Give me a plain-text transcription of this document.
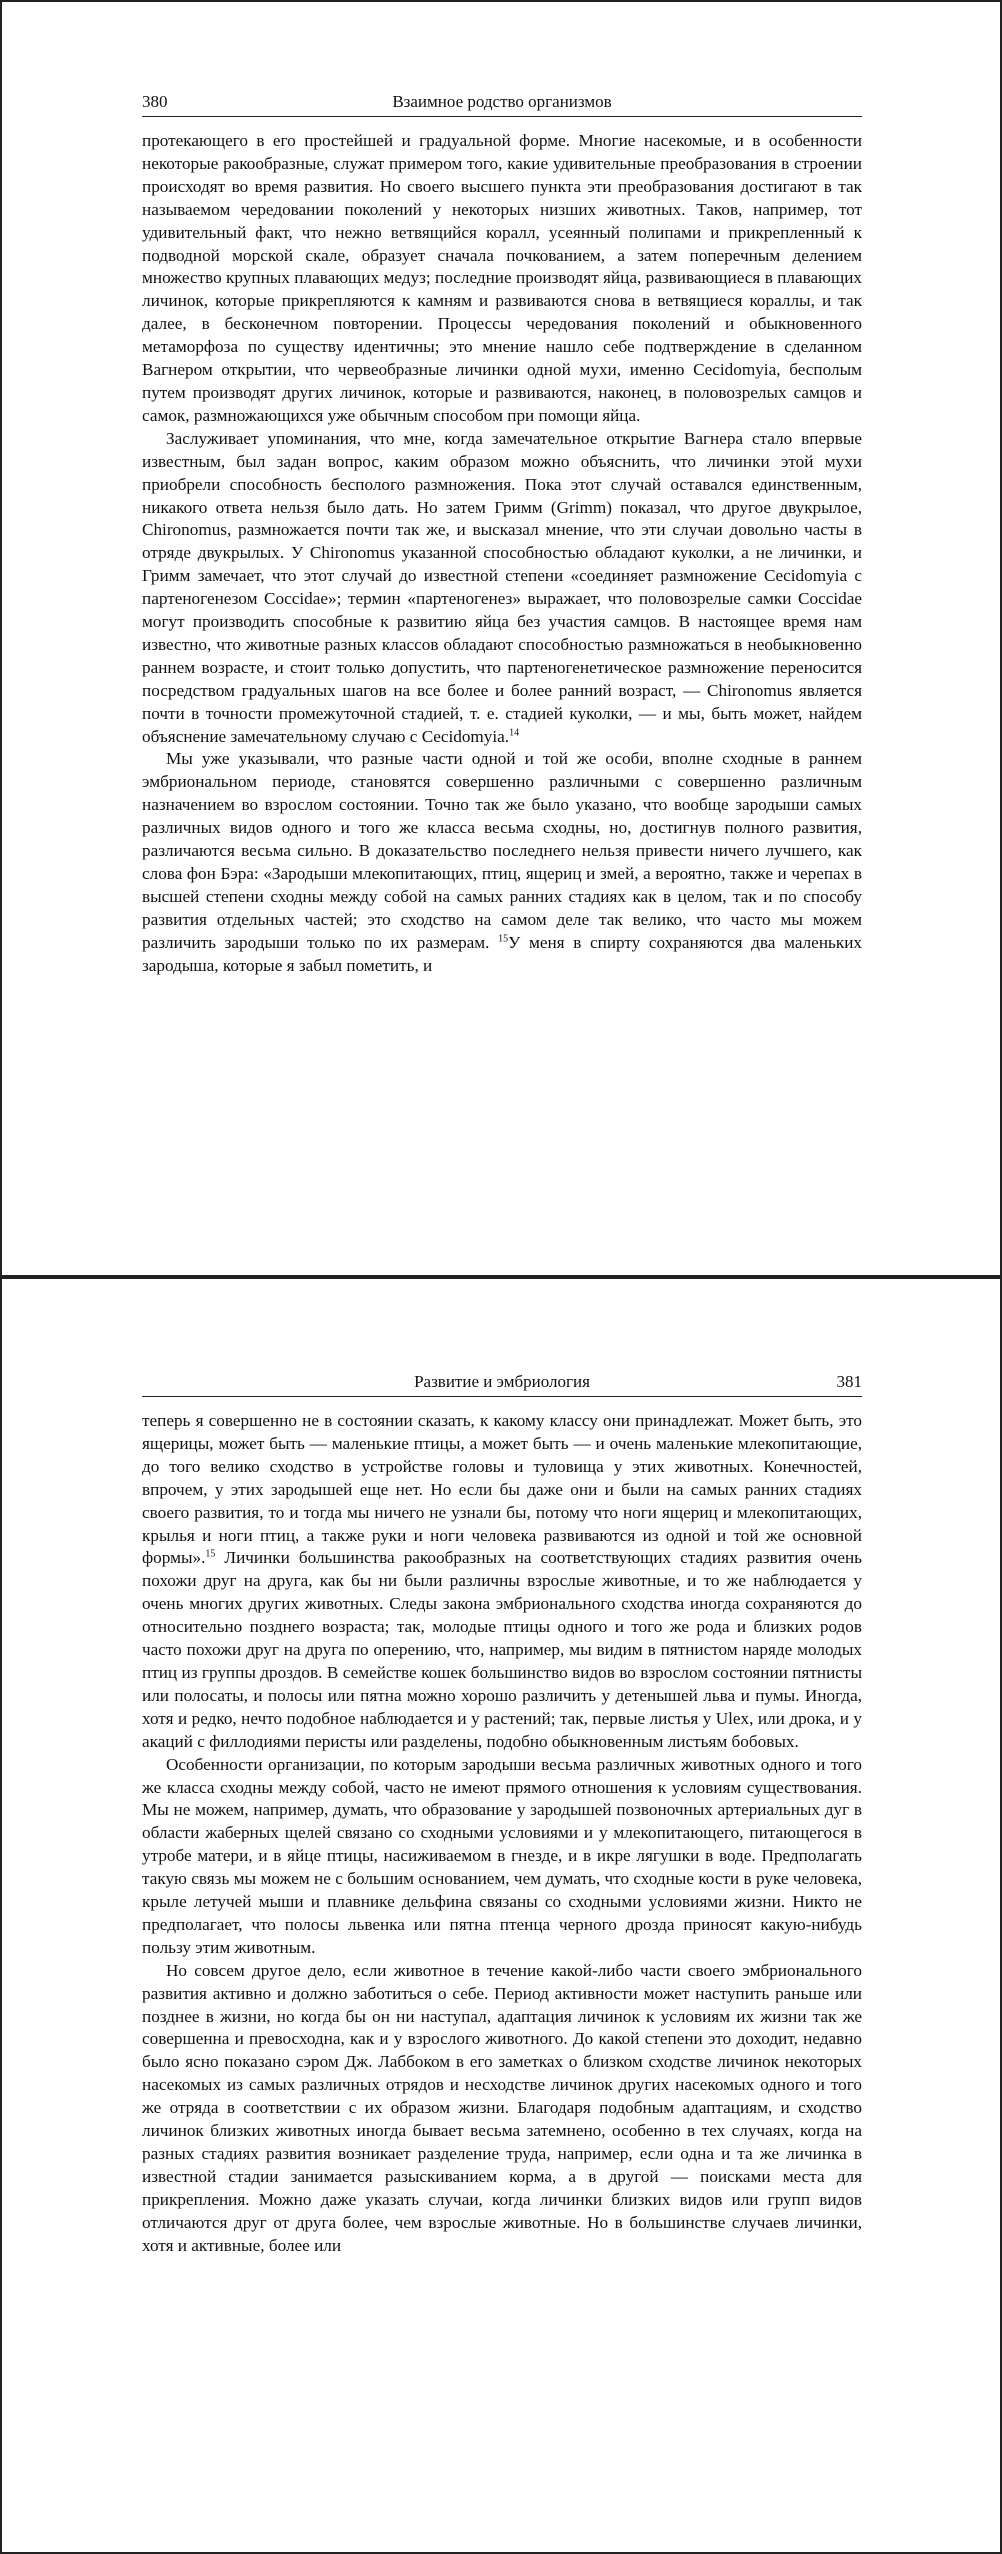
380	Взаимное родство организмов

протекающего в его простейшей и градуальной форме. Многие насекомые, и в особенности некоторые ракообразные, служат примером того, какие удивительные преобразования в строении происходят во время развития. Но своего высшего пункта эти преобразования достигают в так называемом чередовании поколений у некоторых низших животных. Таков, например, тот удивительный факт, что нежно ветвящийся коралл, усеянный полипами и прикрепленный к подводной морской скале, образует сначала почкованием, а затем поперечным делением множество крупных плавающих медуз; последние производят яйца, развивающиеся в плавающих личинок, которые прикрепляются к камням и развиваются снова в ветвящиеся кораллы, и так далее, в бесконечном повторении. Процессы чередования поколений и обыкновенного метаморфоза по существу идентичны; это мнение нашло себе подтверждение в сделанном Вагнером открытии, что червеобразные личинки одной мухи, именно Cecidomyia, бесполым путем производят других личинок, которые и развиваются, наконец, в половозрелых самцов и самок, размножающихся уже обычным способом при помощи яйца.

Заслуживает упоминания, что мне, когда замечательное открытие Вагнера стало впервые известным, был задан вопрос, каким образом можно объяснить, что личинки этой мухи приобрели способность бесполого размножения. Пока этот случай оставался единственным, никакого ответа нельзя было дать. Но затем Гримм (Grimm) показал, что другое двукрылое, Chironomus, размножается почти так же, и высказал мнение, что эти случаи довольно часты в отряде двукрылых. У Chironomus указанной способностью обладают куколки, а не личинки, и Гримм замечает, что этот случай до известной степени «соединяет размножение Cecidomyia с партеногенезом Coccidae»; термин «партеногенез» выражает, что половозрелые самки Coccidae могут производить способные к развитию яйца без участия самцов. В настоящее время нам известно, что животные разных классов обладают способностью размножаться в необыкновенно раннем возрасте, и стоит только допустить, что партеногенетическое размножение переносится посредством градуальных шагов на все более и более ранний возраст, — Chironomus является почти в точности промежуточной стадией, т. е. стадией куколки, — и мы, быть может, найдем объяснение замечательному случаю с Cecidomyia.$^{14}$

Мы уже указывали, что разные части одной и той же особи, вполне сходные в раннем эмбриональном периоде, становятся совершенно различными с совершенно различным назначением во взрослом состоянии. Точно так же было указано, что вообще зародыши самых различных видов одного и того же класса весьма сходны, но, достигнув полного развития, различаются весьма сильно. В доказательство последнего нельзя привести ничего лучшего, как слова фон Бэра: «Зародыши млекопитающих, птиц, ящериц и змей, а вероятно, также и черепах в высшей степени сходны между собой на самых ранних стадиях как в целом, так и по способу развития отдельных частей; это сходство на самом деле так велико, что часто мы можем различить зародыши только по их размерам. $^{15}$У меня в спирту сохраняются два маленьких зародыша, которые я забыл пометить, и

Развитие и эмбриология	381

теперь я совершенно не в состоянии сказать, к какому классу они принадлежат. Может быть, это ящерицы, может быть — маленькие птицы, а может быть — и очень маленькие млекопитающие, до того велико сходство в устройстве головы и туловища у этих животных. Конечностей, впрочем, у этих зародышей еще нет. Но если бы даже они и были на самых ранних стадиях своего развития, то и тогда мы ничего не узнали бы, потому что ноги ящериц и млекопитающих, крылья и ноги птиц, а также руки и ноги человека развиваются из одной и той же основной формы».$^{15}$ Личинки большинства ракообразных на соответствующих стадиях развития очень похожи друг на друга, как бы ни были различны взрослые животные, и то же наблюдается у очень многих других животных. Следы закона эмбрионального сходства иногда сохраняются до относительно позднего возраста; так, молодые птицы одного и того же рода и близких родов часто похожи друг на друга по оперению, что, например, мы видим в пятнистом наряде молодых птиц из группы дроздов. В семействе кошек большинство видов во взрослом состоянии пятнисты или полосаты, и полосы или пятна можно хорошо различить у детенышей льва и пумы. Иногда, хотя и редко, нечто подобное наблюдается и у растений; так, первые листья у Ulex, или дрока, и у акаций с филлодиями перисты или разделены, подобно обыкновенным листьям бобовых.

Особенности организации, по которым зародыши весьма различных животных одного и того же класса сходны между собой, часто не имеют прямого отношения к условиям существования. Мы не можем, например, думать, что образование у зародышей позвоночных артериальных дуг в области жаберных щелей связано со сходными условиями и у млекопитающего, питающегося в утробе матери, и в яйце птицы, насиживаемом в гнезде, и в икре лягушки в воде. Предполагать такую связь мы можем не с большим основанием, чем думать, что сходные кости в руке человека, крыле летучей мыши и плавнике дельфина связаны со сходными условиями жизни. Никто не предполагает, что полосы львенка или пятна птенца черного дрозда приносят какую-нибудь пользу этим животным.

Но совсем другое дело, если животное в течение какой-либо части своего эмбрионального развития активно и должно заботиться о себе. Период активности может наступить раньше или позднее в жизни, но когда бы он ни наступал, адаптация личинок к условиям их жизни так же совершенна и превосходна, как и у взрослого животного. До какой степени это доходит, недавно было ясно показано сэром Дж. Лаббоком в его заметках о близком сходстве личинок некоторых насекомых из самых различных отрядов и несходстве личинок других насекомых одного и того же отряда в соответствии с их образом жизни. Благодаря подобным адаптациям, и сходство личинок близких животных иногда бывает весьма затемнено, особенно в тех случаях, когда на разных стадиях развития возникает разделение труда, например, если одна и та же личинка в известной стадии занимается разыскиванием корма, а в другой — поисками места для прикрепления. Можно даже указать случаи, когда личинки близких видов или групп видов отличаются друг от друга более, чем взрослые животные. Но в большинстве случаев личинки, хотя и активные, более или
